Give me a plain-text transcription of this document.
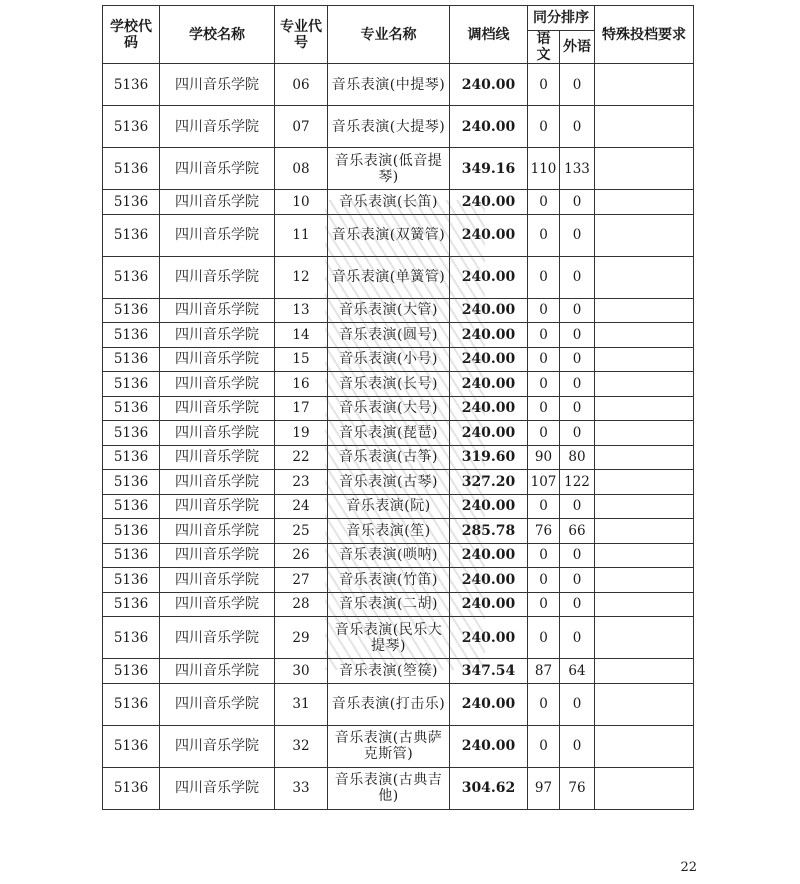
学校代码	学校名称	专业代号	专业名称	调档线	同分排序		特殊投档要求
					语文	外语	
5136	四川音乐学院	06	音乐表演(中提琴)	240.00	0	0	
5136	四川音乐学院	07	音乐表演(大提琴)	240.00	0	0	
5136	四川音乐学院	08	音乐表演(低音提琴)	349.16	110	133	
5136	四川音乐学院	10	音乐表演(长笛)	240.00	0	0	
5136	四川音乐学院	11	音乐表演(双簧管)	240.00	0	0	
5136	四川音乐学院	12	音乐表演(单簧管)	240.00	0	0	
5136	四川音乐学院	13	音乐表演(大管)	240.00	0	0	
5136	四川音乐学院	14	音乐表演(圆号)	240.00	0	0	
5136	四川音乐学院	15	音乐表演(小号)	240.00	0	0	
5136	四川音乐学院	16	音乐表演(长号)	240.00	0	0	
5136	四川音乐学院	17	音乐表演(大号)	240.00	0	0	
5136	四川音乐学院	19	音乐表演(琵琶)	240.00	0	0	
5136	四川音乐学院	22	音乐表演(古筝)	319.60	90	80	
5136	四川音乐学院	23	音乐表演(古琴)	327.20	107	122	
5136	四川音乐学院	24	音乐表演(阮)	240.00	0	0	
5136	四川音乐学院	25	音乐表演(笙)	285.78	76	66	
5136	四川音乐学院	26	音乐表演(唢呐)	240.00	0	0	
5136	四川音乐学院	27	音乐表演(竹笛)	240.00	0	0	
5136	四川音乐学院	28	音乐表演(二胡)	240.00	0	0	
5136	四川音乐学院	29	音乐表演(民乐大提琴)	240.00	0	0	
5136	四川音乐学院	30	音乐表演(箜篌)	347.54	87	64	
5136	四川音乐学院	31	音乐表演(打击乐)	240.00	0	0	
5136	四川音乐学院	32	音乐表演(古典萨克斯管)	240.00	0	0	
5136	四川音乐学院	33	音乐表演(古典吉他)	304.62	97	76	
22
